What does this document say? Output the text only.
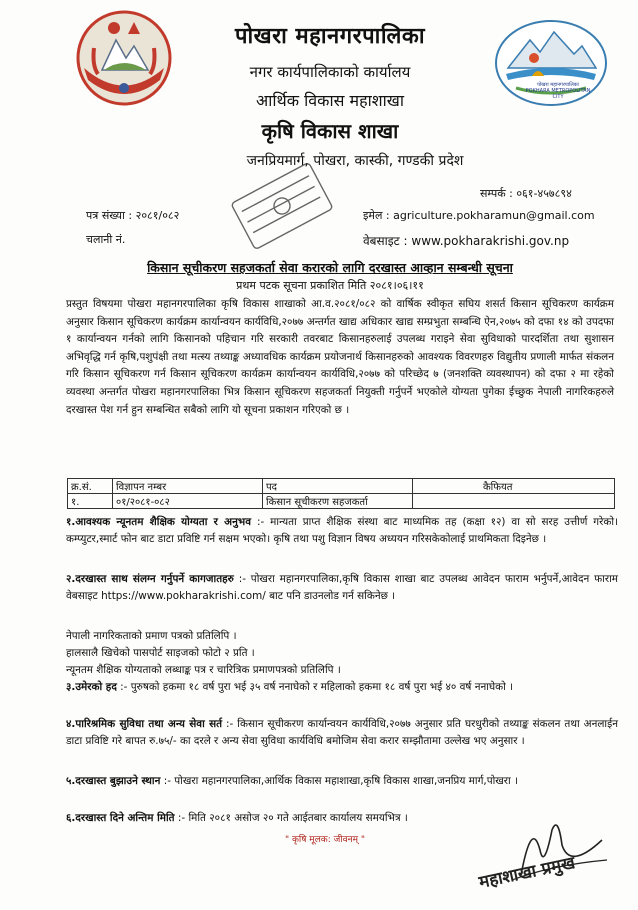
पोखरा महानगरपालिका
POKHARA METROPOLITAN CITY
पोखरा महानगरपालिका
नगर कार्यपालिकाको कार्यालय
आर्थिक विकास महाशाखा
कृषि विकास शाखा
जनप्रियमार्ग, पोखरा, कास्की, गण्डकी प्रदेश
सम्पर्क : ०६१-४५७८९४
पत्र संख्या : २०८१/०८२	इमेल : agriculture.pokharamun@gmail.com
चलानी नं.	वेबसाइट : www.pokharakrishi.gov.np
किसान सूचीकरण सहजकर्ता सेवा करारको लागि दरखास्त आव्हान सम्बन्धी सूचना
प्रथम पटक सूचना प्रकाशित मिति २०८१।०६।११
प्रस्तुत विषयमा पोखरा महानगरपालिका कृषि विकास शाखाको आ.व.२०८१/०८२ को वार्षिक स्वीकृत सघिय शसर्त किसान सूचिकरण कार्यक्रम अनुसार किसान सूचिकरण कार्यक्रम कार्यान्वयन कार्यविधि,२०७७ अन्तर्गत खाद्य अधिकार खाद्य सम्प्रभुता सम्बन्धि ऐन,२०७५ को दफा १४ को उपदफा १ कार्यान्वयन गर्नको लागि किसानको पहिचान गरि सरकारी तवरबाट किसानहरुलाई उपलब्ध गराइने सेवा सुविधाको पारदर्शिता तथा सुशासन अभिवृद्धि गर्न कृषि,पशुपंक्षी तथा मत्स्य तथ्याङ्क अध्यावधिक कार्यक्रम प्रयोजनार्थ किसानहरुको आवश्यक विवरणहरु विद्युतीय प्रणाली मार्फत संकलन गरि किसान सूचिकरण गर्न किसान सूचिकरण कार्यक्रम कार्यान्वयन कार्यविधि,२०७७ को परिच्छेद ७ (जनशक्ति व्यवस्थापन) को दफा २ मा रहेको व्यवस्था अन्तर्गत पोखरा महानगरपालिका भित्र किसान सूचिकरण सहजकर्ता नियुक्ती गर्नुपर्ने भएकोले योग्यता पुगेका ईच्छुक नेपाली नागरिकहरुले दरखास्त पेश गर्न हुन सम्बन्धित सबैको लागि यो सूचना प्रकाशन गरिएको छ ।
क्र.सं.	विज्ञापन नम्बर	पद	कैफियत
१.	०१/२०८१-०८२	किसान सूचीकरण सहजकर्ता	
१.आवश्यक न्यूनतम शैक्षिक योग्यता र अनुभव :- मान्यता प्राप्त शैक्षिक संस्था बाट माध्यमिक तह (कक्षा १२) वा सो सरह उत्तीर्ण गरेको। कम्प्युटर,स्मार्ट फोन बाट डाटा प्रविष्टि गर्न सक्षम भएको। कृषि तथा पशु विज्ञान विषय अध्ययन गरिसकेकोलाई प्राथमिकता दिइनेछ ।
२.दरखास्त साथ संलग्न गर्नुपर्ने कागजातहरु :- पोखरा महानगरपालिका,कृषि विकास शाखा बाट उपलब्ध आवेदन फाराम भर्नुपर्ने,आवेदन फाराम वेबसाइट https://www.pokharakrishi.com/ बाट पनि डाउनलोड गर्न सकिनेछ ।
नेपाली नागरिकताको प्रमाण पत्रको प्रतिलिपि ।
हालसालै खिचेको पासपोर्ट साइजको फोटो २ प्रति ।
न्यूनतम शैक्षिक योग्यताको लब्धाङ्क पत्र र चारित्रिक प्रमाणपत्रको प्रतिलिपि ।
३.उमेरको हद :- पुरुषको हकमा १८ वर्ष पुरा भई ३५ वर्ष ननाघेको र महिलाको हकमा १८ वर्ष पुरा भई ४० वर्ष ननाघेको ।
४.पारिश्रमिक सुविधा तथा अन्य सेवा सर्त :- किसान सूचीकरण कार्यान्वयन कार्यविधि,२०७७ अनुसार प्रति घरधुरीको तथ्याङ्क संकलन तथा अनलाईन डाटा प्रविष्टि गरे बापत रु.७५/- का दरले र अन्य सेवा सुविधा कार्यविधि बमोजिम सेवा करार सम्झौतामा उल्लेख भए अनुसार ।
५.दरखास्त बुझाउने स्थान :- पोखरा महानगरपालिका,आर्थिक विकास महाशाखा,कृषि विकास शाखा,जनप्रिय मार्ग,पोखरा ।
६.दरखास्त दिने अन्तिम मिति :- मिति २०८१ असोज २० गते आईतबार कार्यालय समयभित्र ।
" कृषि मूलक: जीवनम् "
महाशाखा प्रमुख
